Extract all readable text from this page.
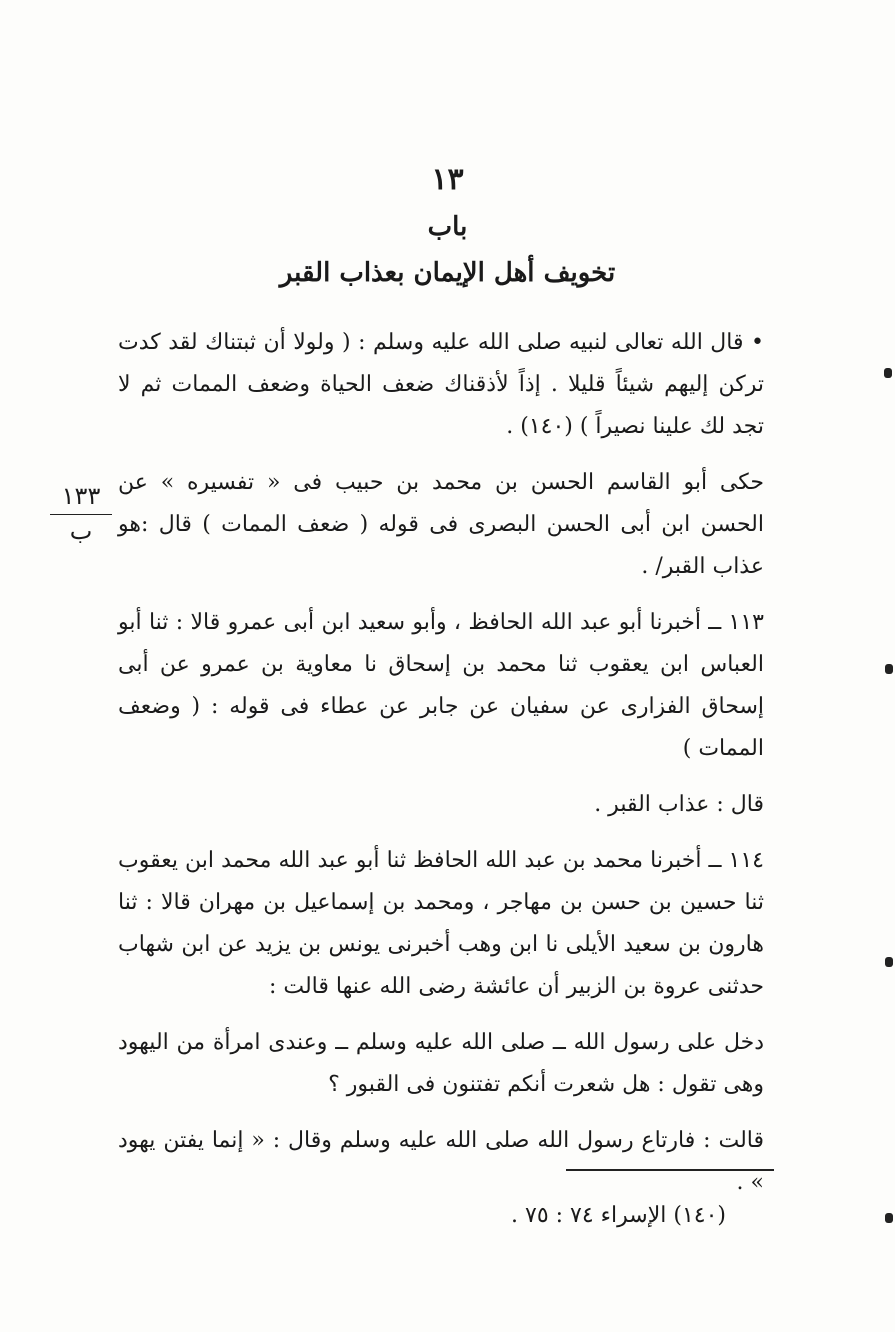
١٣
باب
تخويف أهل الإيمان بعذاب القبر

• قال الله تعالى لنبيه صلى الله عليه وسلم : ( ولولا أن ثبتناك لقد كدت تركن إليهم شيئاً قليلا . إذاً لأذقناك ضعف الحياة وضعف الممات ثم لا تجد لك علينا نصيراً ) (١٤٠) .

حكى أبو القاسم الحسن بن محمد بن حبيب فى « تفسيره » عن الحسن ابن أبى الحسن البصرى فى قوله ( ضعف الممات ) قال :هو عذاب القبر/ .

١١٣ ــ أخبرنا أبو عبد الله الحافظ ، وأبو سعيد ابن أبى عمرو قالا : ثنا أبو العباس ابن يعقوب ثنا محمد بن إسحاق نا معاوية بن عمرو عن أبى إسحاق الفزارى عن سفيان عن جابر عن عطاء فى قوله : ( وضعف الممات )

قال : عذاب القبر .

١١٤ ــ أخبرنا محمد بن عبد الله الحافظ ثنا أبو عبد الله محمد ابن يعقوب ثنا حسين بن حسن بن مهاجر ، ومحمد بن إسماعيل بن مهران قالا : ثنا هارون بن سعيد الأيلى نا ابن وهب أخبرنى يونس بن يزيد عن ابن شهاب حدثنى عروة بن الزبير أن عائشة رضى الله عنها قالت :

دخل على رسول الله ــ صلى الله عليه وسلم ــ وعندى امرأة من اليهود وهى تقول : هل شعرت أنكم تفتنون فى القبور ؟

قالت : فارتاع رسول الله صلى الله عليه وسلم وقال : « إنما يفتن يهود » .

١٣٣
ب
(١٤٠) الإسراء ٧٤ : ٧٥ .
